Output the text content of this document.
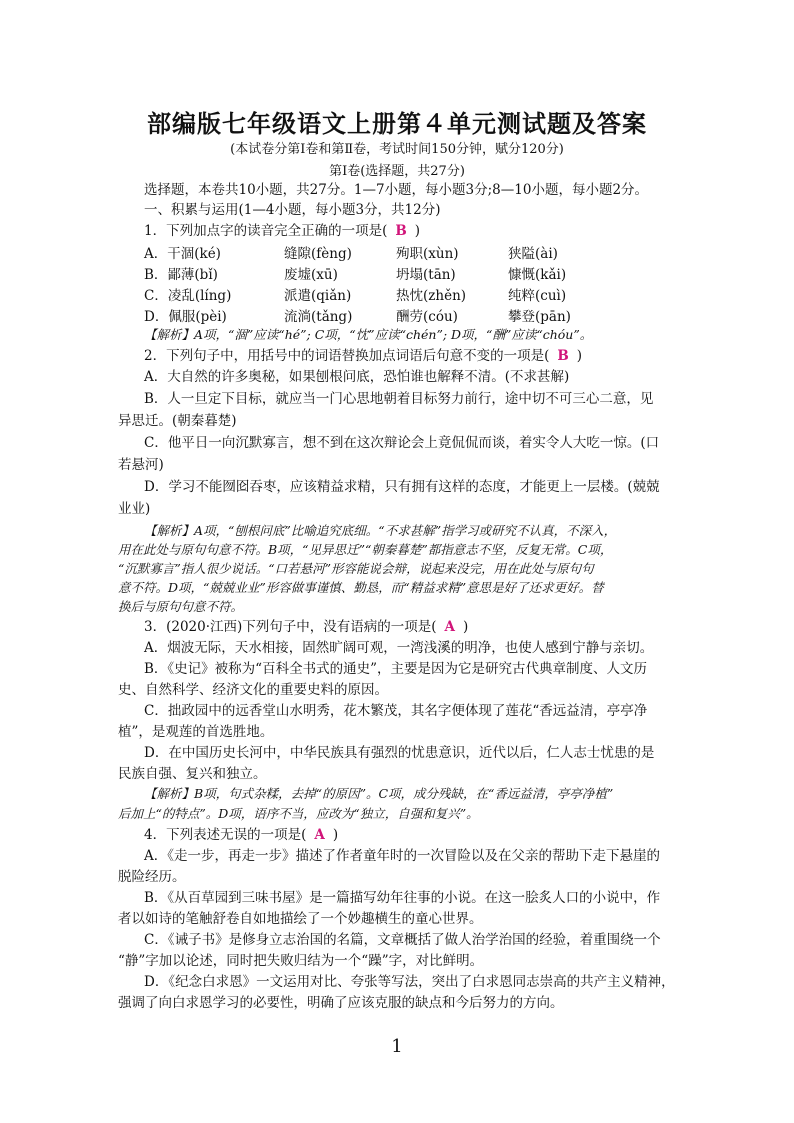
部编版七年级语文上册第４单元测试题及答案
(本试卷分第Ⅰ卷和第Ⅱ卷，考试时间150分钟，赋分120分)
第Ⅰ卷(选择题，共27分)
选择题，本卷共10小题，共27分。1—7小题，每小题3分;8—10小题，每小题2分。
一、积累与运用(1—4小题，每小题3分，共12分)
1．下列加点字的读音完全正确的一项是( B )
A．干涸(ké)	缝隙(fèng)	殉职(xùn)	狭隘(ài)
B．鄙薄(bǐ)	废墟(xū)	坍塌(tān)	慷慨(kǎi)
C．凌乱(líng)	派遣(qiǎn)	热忱(zhěn)	纯粹(cuì)
D．佩服(pèi)	流淌(tǎng)	酬劳(cóu)	攀登(pān)
【解析】A项，“涸”应读“hé”; C项，“忱”应读“chén”; D项，“酬”应读“chóu”。
2．下列句子中，用括号中的词语替换加点词语后句意不变的一项是( B )
A．大自然的许多奥秘，如果刨根问底，恐怕谁也解释不清。(不求甚解)
B．人一旦定下目标，就应当一门心思地朝着目标努力前行，途中切不可三心二意，见
异思迁。(朝秦暮楚)
C．他平日一向沉默寡言，想不到在这次辩论会上竟侃侃而谈，着实令人大吃一惊。(口
若悬河)
D．学习不能囫囵吞枣，应该精益求精，只有拥有这样的态度，才能更上一层楼。(兢兢
业业)
【解析】A项，“刨根问底”比喻追究底细。“不求甚解”指学习或研究不认真，不深入，
用在此处与原句句意不符。B项，“见异思迁”“朝秦暮楚”都指意志不坚，反复无常。C项，
“沉默寡言”指人很少说话。“口若悬河”形容能说会辩，说起来没完，用在此处与原句句
意不符。D项，“兢兢业业”形容做事谨慎、勤恳，而“精益求精”意思是好了还求更好。替
换后与原句句意不符。
3．(2020·江西)下列句子中，没有语病的一项是( A )
A．烟波无际，天水相接，固然旷阔可观，一湾浅溪的明净，也使人感到宁静与亲切。
B．《史记》被称为“百科全书式的通史”，主要是因为它是研究古代典章制度、人文历
史、自然科学、经济文化的重要史料的原因。
C．拙政园中的远香堂山水明秀，花木繁茂，其名字便体现了莲花“香远益清，亭亭净
植”，是观莲的首选胜地。
D．在中国历史长河中，中华民族具有强烈的忧患意识，近代以后，仁人志士忧患的是
民族自强、复兴和独立。
【解析】B项，句式杂糅，去掉“的原因”。C项，成分残缺，在“香远益清，亭亭净植”
后加上“的特点”。D项，语序不当，应改为“独立，自强和复兴”。
4．下列表述无误的一项是( A )
A．《走一步，再走一步》描述了作者童年时的一次冒险以及在父亲的帮助下走下悬崖的
脱险经历。
B．《从百草园到三味书屋》是一篇描写幼年往事的小说。在这一脍炙人口的小说中，作
者以如诗的笔触舒卷自如地描绘了一个妙趣横生的童心世界。
C．《诫子书》是修身立志治国的名篇，文章概括了做人治学治国的经验，着重围绕一个
“静”字加以论述，同时把失败归结为一个“躁”字，对比鲜明。
D．《纪念白求恩》一文运用对比、夸张等写法，突出了白求恩同志崇高的共产主义精神，
强调了向白求恩学习的必要性，明确了应该克服的缺点和今后努力的方向。
1
